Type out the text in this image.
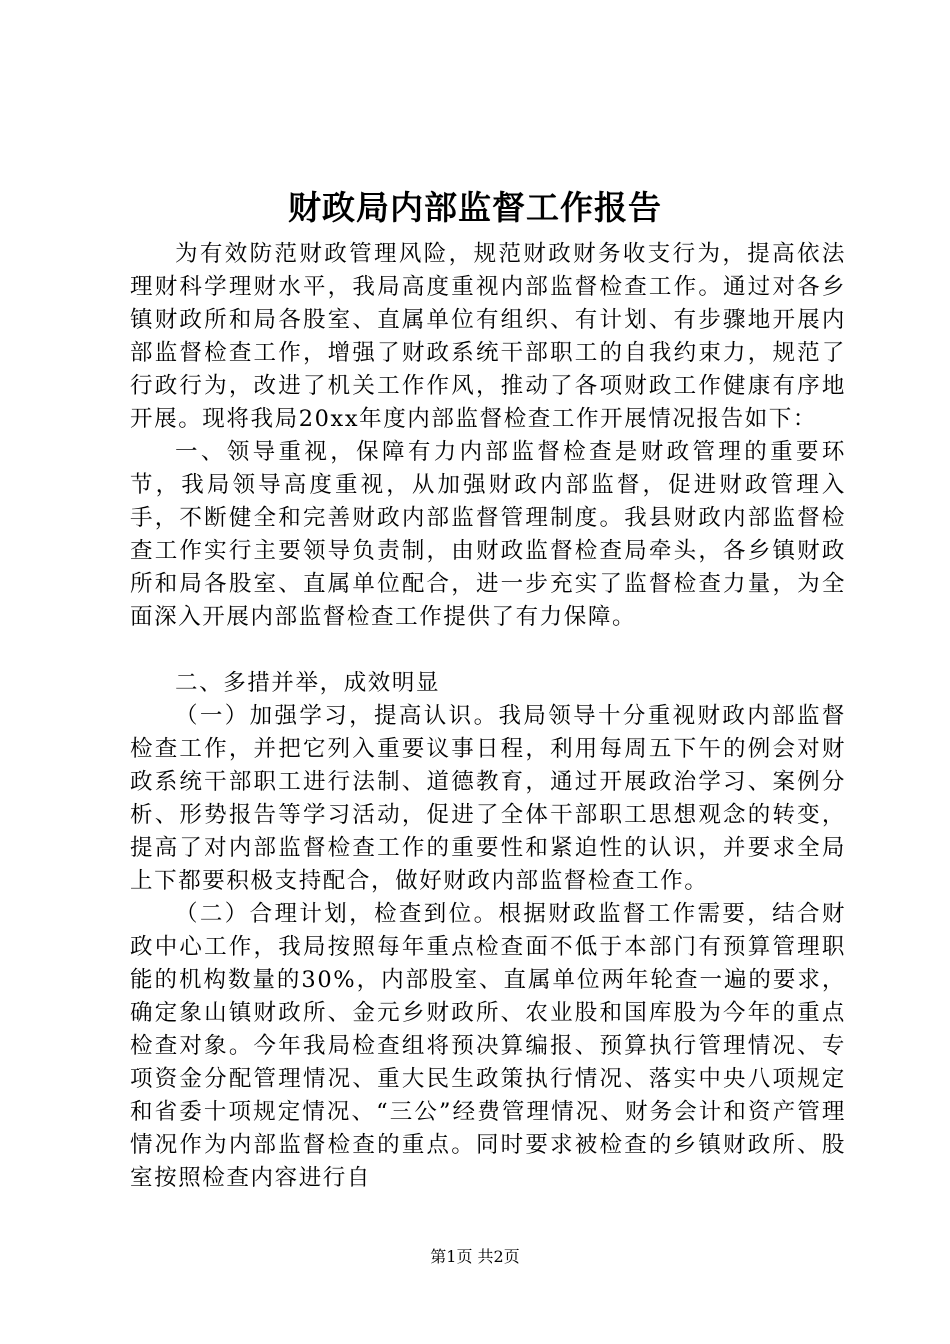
财政局内部监督工作报告

为有效防范财政管理风险，规范财政财务收支行为，提高依法理财科学理财水平，我局高度重视内部监督检查工作。通过对各乡镇财政所和局各股室、直属单位有组织、有计划、有步骤地开展内部监督检查工作，增强了财政系统干部职工的自我约束力，规范了行政行为，改进了机关工作作风，推动了各项财政工作健康有序地开展。现将我局20xx年度内部监督检查工作开展情况报告如下：

一、领导重视，保障有力内部监督检查是财政管理的重要环节，我局领导高度重视，从加强财政内部监督，促进财政管理入手，不断健全和完善财政内部监督管理制度。我县财政内部监督检查工作实行主要领导负责制，由财政监督检查局牵头，各乡镇财政所和局各股室、直属单位配合，进一步充实了监督检查力量，为全面深入开展内部监督检查工作提供了有力保障。

二、多措并举，成效明显

（一）加强学习，提高认识。我局领导十分重视财政内部监督检查工作，并把它列入重要议事日程，利用每周五下午的例会对财政系统干部职工进行法制、道德教育，通过开展政治学习、案例分析、形势报告等学习活动，促进了全体干部职工思想观念的转变，提高了对内部监督检查工作的重要性和紧迫性的认识，并要求全局上下都要积极支持配合，做好财政内部监督检查工作。

（二）合理计划，检查到位。根据财政监督工作需要，结合财政中心工作，我局按照每年重点检查面不低于本部门有预算管理职能的机构数量的30%，内部股室、直属单位两年轮查一遍的要求，确定象山镇财政所、金元乡财政所、农业股和国库股为今年的重点检查对象。今年我局检查组将预决算编报、预算执行管理情况、专项资金分配管理情况、重大民生政策执行情况、落实中央八项规定和省委十项规定情况、“三公”经费管理情况、财务会计和资产管理情况作为内部监督检查的重点。同时要求被检查的乡镇财政所、股室按照检查内容进行自

第1页 共2页
